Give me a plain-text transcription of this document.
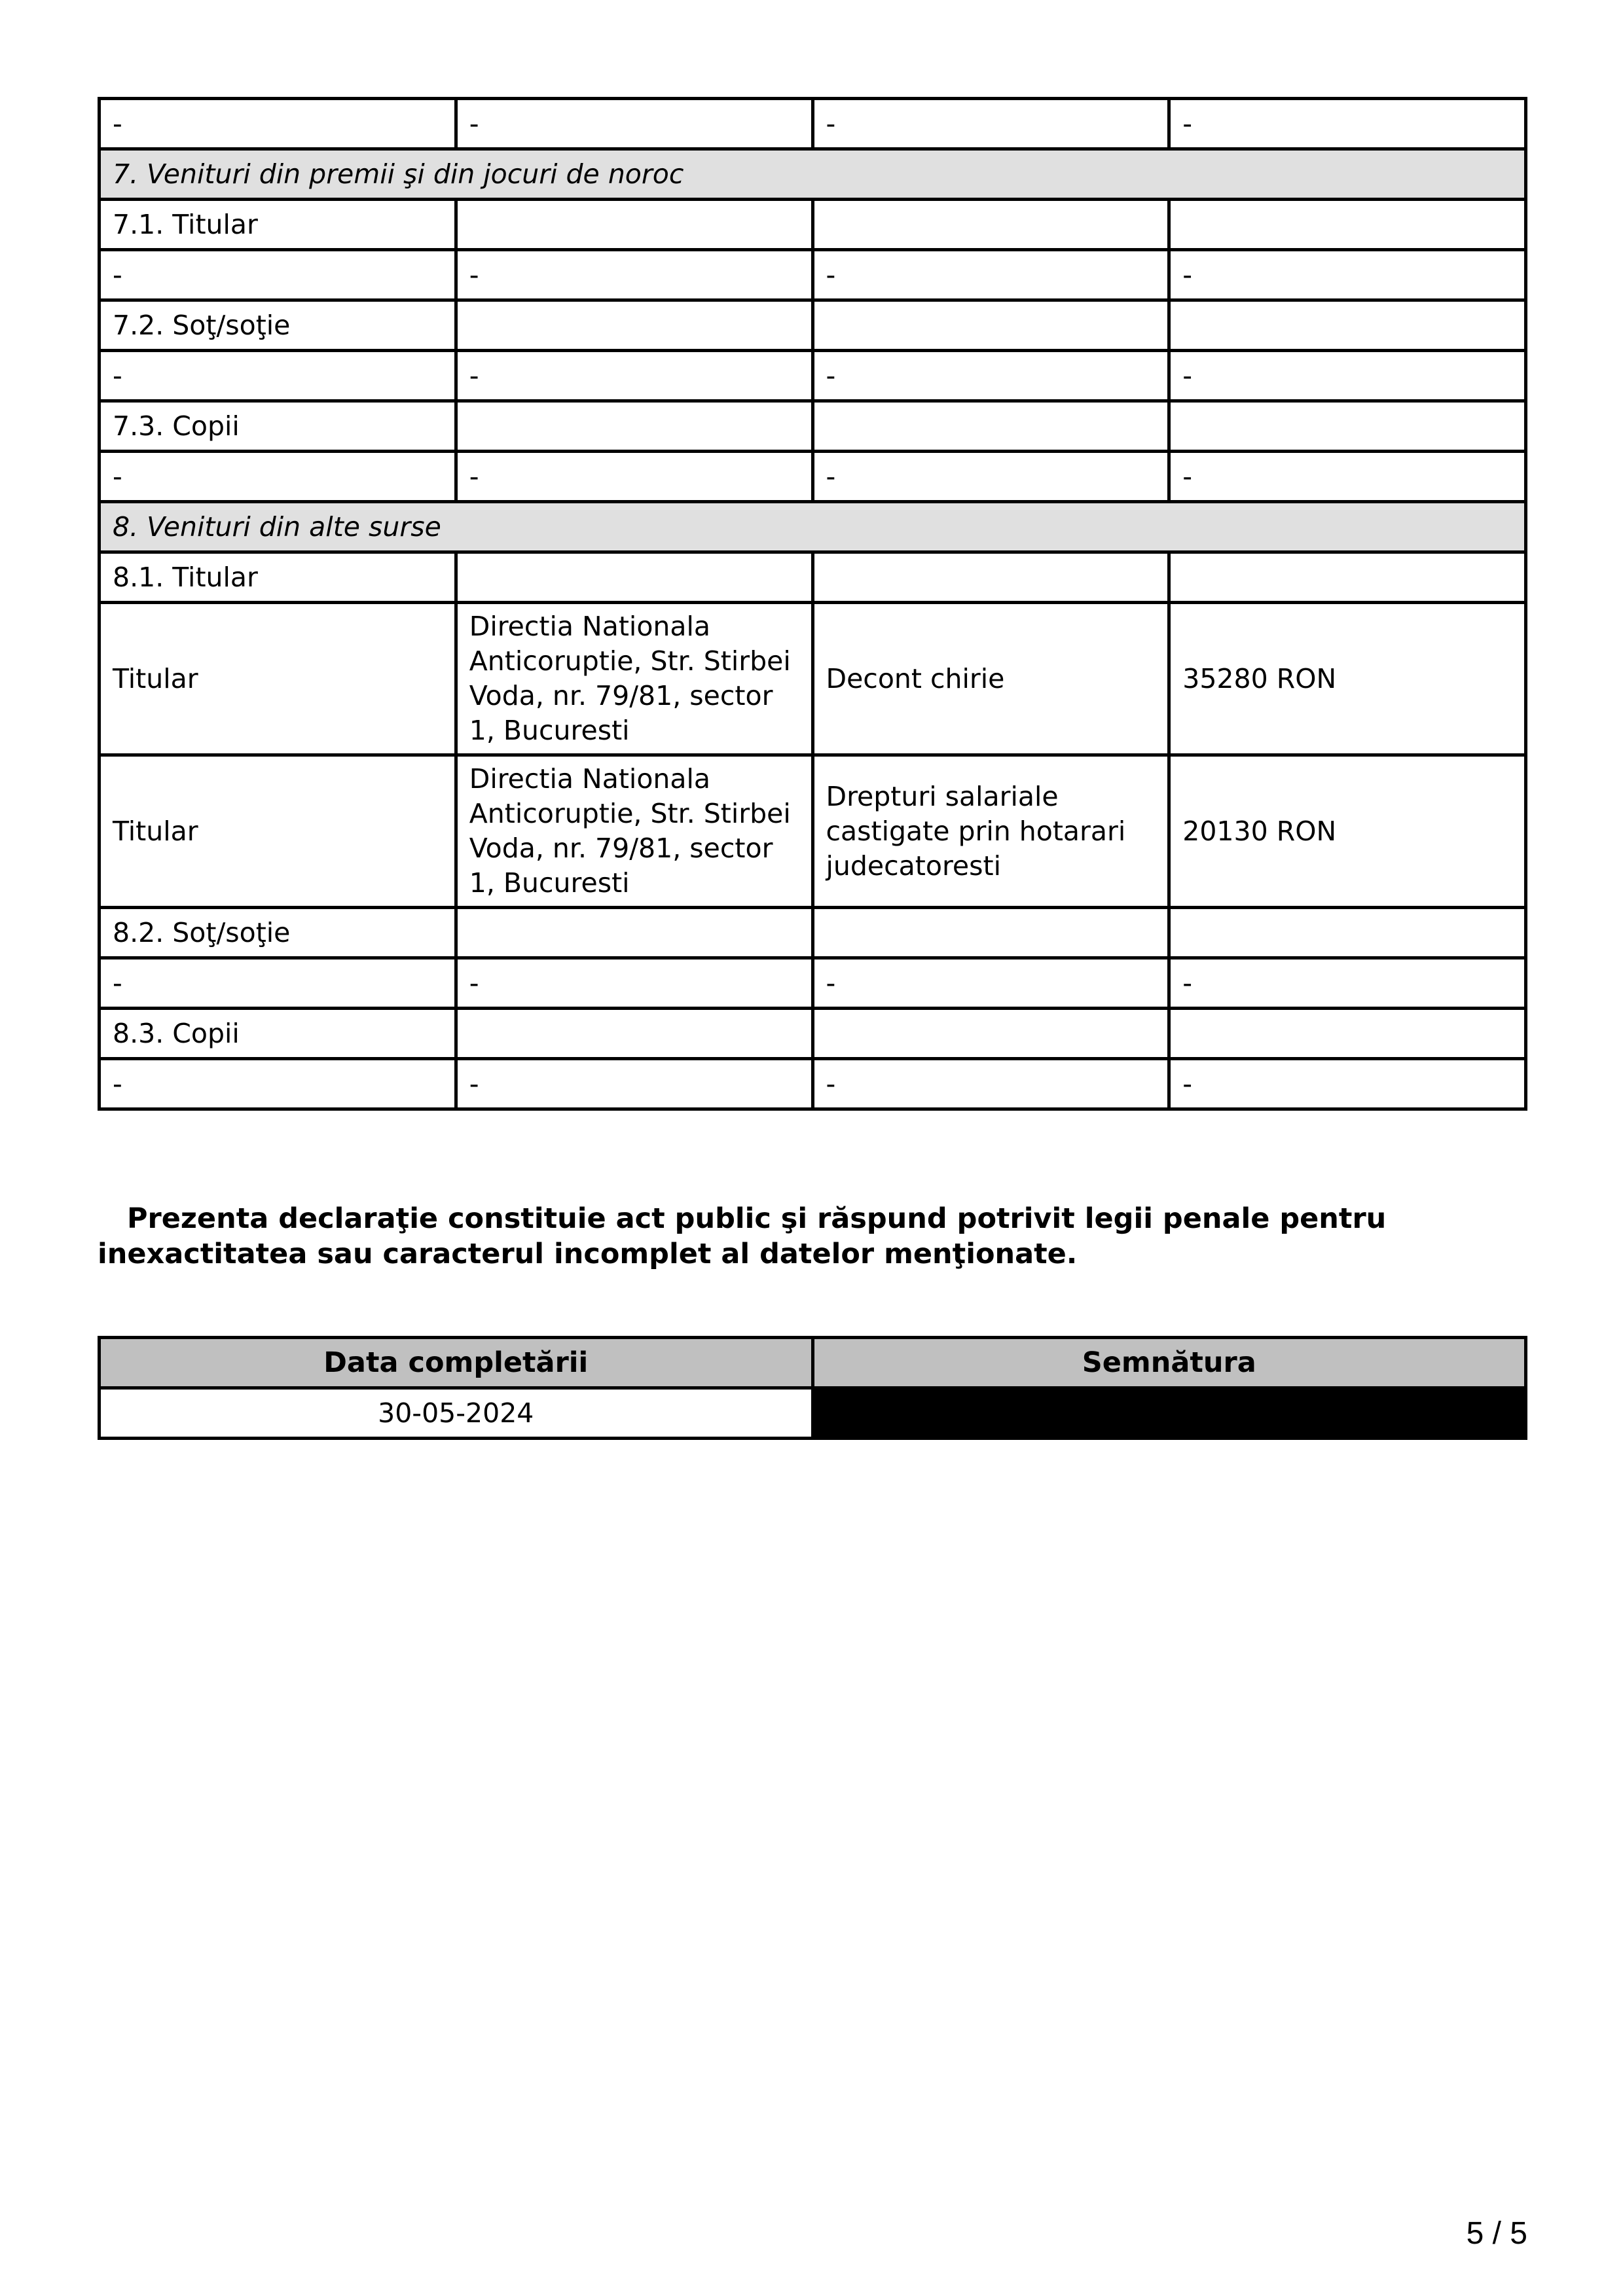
-	-	-	-
7. Venituri din premii şi din jocuri de noroc			
7.1. Titular			
-	-	-	-
7.2. Soţ/soţie			
-	-	-	-
7.3. Copii			
-	-	-	-
8. Venituri din alte surse			
8.1. Titular			
Titular	Directia Nationala Anticoruptie, Str. Stirbei Voda, nr. 79/81, sector 1, Bucuresti	Decont chirie	35280 RON
Titular	Directia Nationala Anticoruptie, Str. Stirbei Voda, nr. 79/81, sector 1, Bucuresti	Drepturi salariale castigate prin hotarari judecatoresti	20130 RON
8.2. Soţ/soţie			
-	-	-	-
8.3. Copii			
-	-	-	-

Prezenta declaraţie constituie act public şi răspund potrivit legii penale pentru inexactitatea sau caracterul incomplet al datelor menţionate.

Data completării	Semnătura
30-05-2024	
5 / 5
